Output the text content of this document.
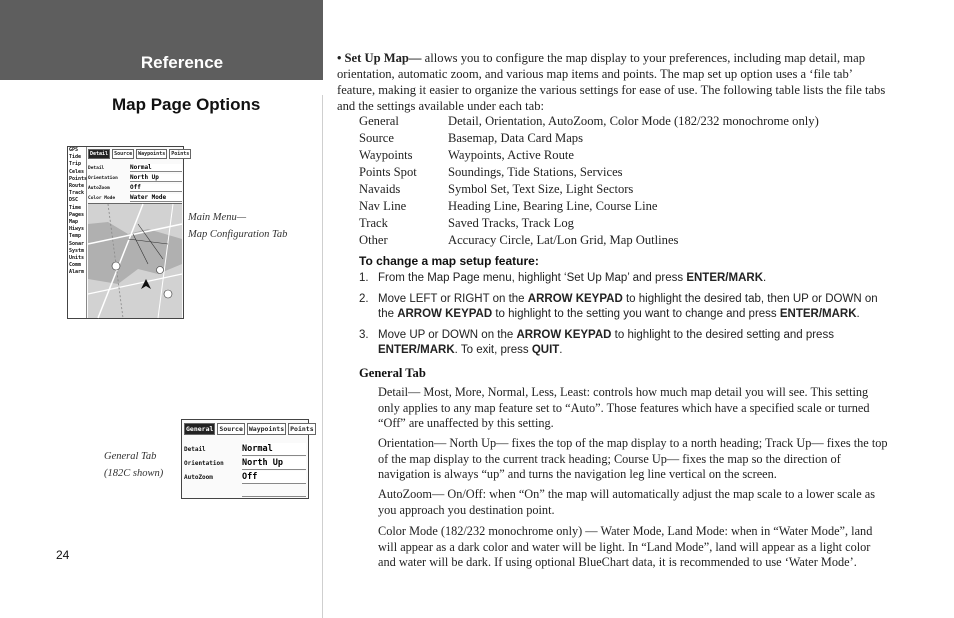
Reference
Map Page Options
GPS
Tide
Trip
Celes
Points
Route
Track
DSC
Time
Pages
Map
Hiwys
Temp
Sonar
Systm
Units
Comm
Alarm
Detail	Source	Waypoints	Points
Detail	Normal
Orientation	North Up
AutoZoom	Off
Color Mode	Water Mode
Main Menu—
Map Configuration Tab
General Source Waypoints Points
Detail	Normal
Orientation	North Up
AutoZoom	Off
General Tab
(182C shown)
24
• Set Up Map— allows you to configure the map display to your preferences, including map detail, map orientation, automatic zoom, and various map items and points. The map set up option uses a ‘file tab’ feature, making it easier to organize the various settings for ease of use. The following table lists the file tabs and the settings available under each tab:
General	Detail, Orientation, AutoZoom, Color Mode (182/232 monochrome only)
Source	Basemap, Data Card Maps
Waypoints	Waypoints, Active Route
Points Spot	Soundings, Tide Stations, Services
Navaids	Symbol Set, Text Size, Light Sectors
Nav Line	Heading Line, Bearing Line, Course Line
Track	Saved Tracks, Track Log
Other	Accuracy Circle, Lat/Lon Grid, Map Outlines
To change a map setup feature:
1. From the Map Page menu, highlight ‘Set Up Map’ and press ENTER/MARK.
2. Move LEFT or RIGHT on the ARROW KEYPAD to highlight the desired tab, then UP or DOWN on the ARROW KEYPAD to highlight to the setting you want to change and press ENTER/MARK.
3. Move UP or DOWN on the ARROW KEYPAD to highlight to the desired setting and press ENTER/MARK. To exit, press QUIT.
General Tab
Detail— Most, More, Normal, Less, Least: controls how much map detail you will see. This setting only applies to any map feature set to “Auto”. Those features which have a specified scale or turned “Off” are unaffected by this setting.
Orientation— North Up— fixes the top of the map display to a north heading; Track Up— fixes the top of the map display to the current track heading; Course Up— fixes the map so the direction of navigation is always “up” and turns the navigation leg line vertical on the screen.
AutoZoom— On/Off: when “On” the map will automatically adjust the map scale to a lower scale as you approach you destination point.
Color Mode (182/232 monochrome only) — Water Mode, Land Mode: when in “Water Mode”, land will appear as a dark color and water will be light. In “Land Mode”, land will appear as a light color and water will be dark. If using optional BlueChart data, it is recommended to use ‘Water Mode’.
